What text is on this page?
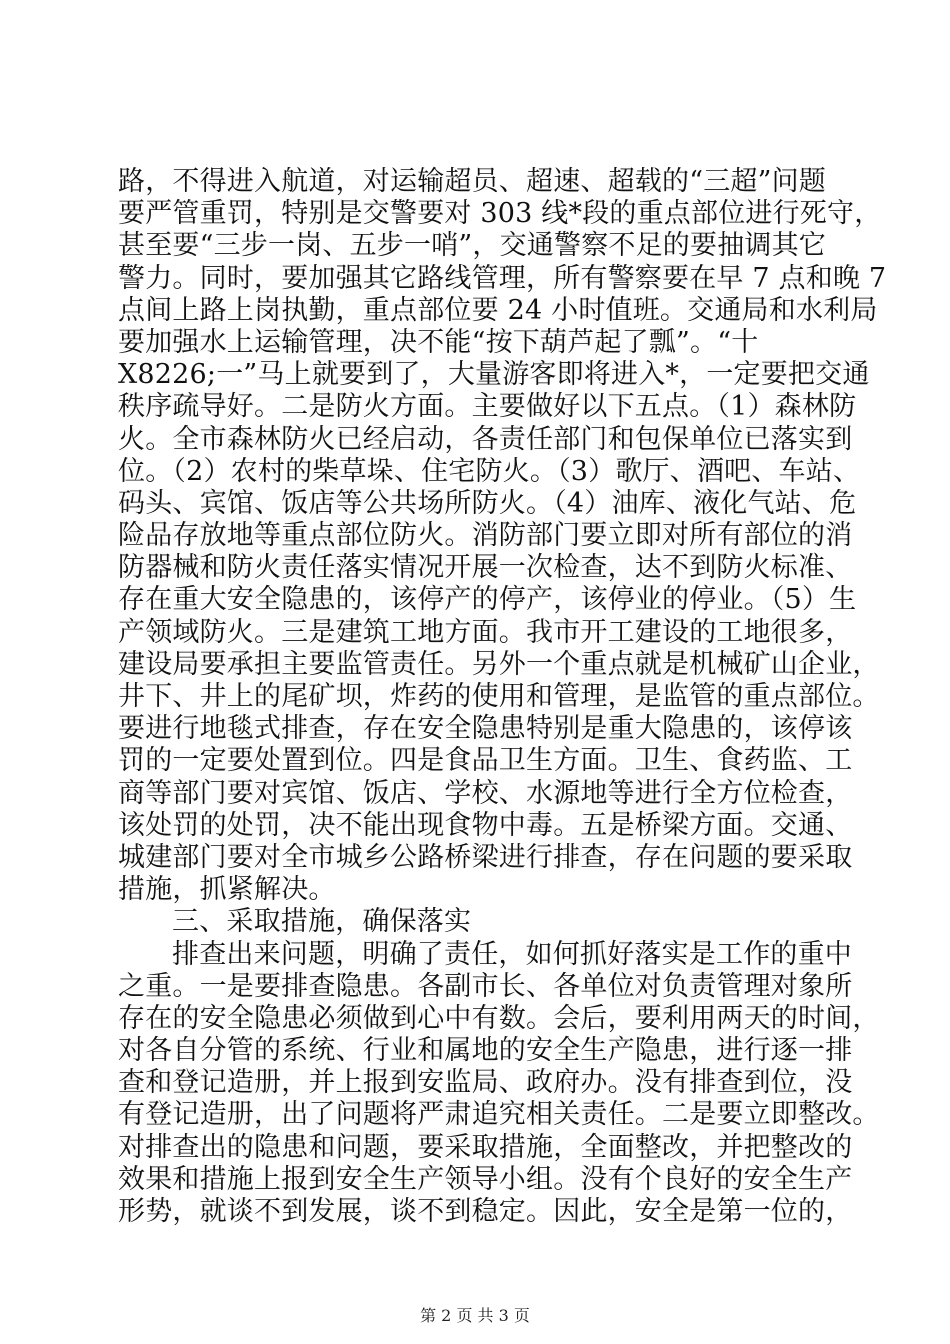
路，不得进入航道，对运输超员、超速、超载的“三超”问题
要严管重罚，特别是交警要对 303 线*段的重点部位进行死守，
甚至要“三步一岗、五步一哨”，交通警察不足的要抽调其它
警力。同时，要加强其它路线管理，所有警察要在早 7 点和晚 7
点间上路上岗执勤，重点部位要 24 小时值班。交通局和水利局
要加强水上运输管理，决不能“按下葫芦起了瓢”。“十
X8226;一”马上就要到了，大量游客即将进入*，一定要把交通
秩序疏导好。二是防火方面。主要做好以下五点。（1）森林防
火。全市森林防火已经启动，各责任部门和包保单位已落实到
位。（2）农村的柴草垛、住宅防火。（3）歌厅、酒吧、车站、
码头、宾馆、饭店等公共场所防火。（4）油库、液化气站、危
险品存放地等重点部位防火。消防部门要立即对所有部位的消
防器械和防火责任落实情况开展一次检查，达不到防火标准、
存在重大安全隐患的，该停产的停产，该停业的停业。（5）生
产领域防火。三是建筑工地方面。我市开工建设的工地很多，
建设局要承担主要监管责任。另外一个重点就是机械矿山企业，
井下、井上的尾矿坝，炸药的使用和管理，是监管的重点部位。
要进行地毯式排查，存在安全隐患特别是重大隐患的，该停该
罚的一定要处置到位。四是食品卫生方面。卫生、食药监、工
商等部门要对宾馆、饭店、学校、水源地等进行全方位检查，
该处罚的处罚，决不能出现食物中毒。五是桥梁方面。交通、
城建部门要对全市城乡公路桥梁进行排查，存在问题的要采取
措施，抓紧解决。
三、采取措施，确保落实
排查出来问题，明确了责任，如何抓好落实是工作的重中
之重。一是要排查隐患。各副市长、各单位对负责管理对象所
存在的安全隐患必须做到心中有数。会后，要利用两天的时间，
对各自分管的系统、行业和属地的安全生产隐患，进行逐一排
查和登记造册，并上报到安监局、政府办。没有排查到位，没
有登记造册，出了问题将严肃追究相关责任。二是要立即整改。
对排查出的隐患和问题，要采取措施，全面整改，并把整改的
效果和措施上报到安全生产领导小组。没有个良好的安全生产
形势，就谈不到发展，谈不到稳定。因此，安全是第一位的，
第 2 页 共 3 页
